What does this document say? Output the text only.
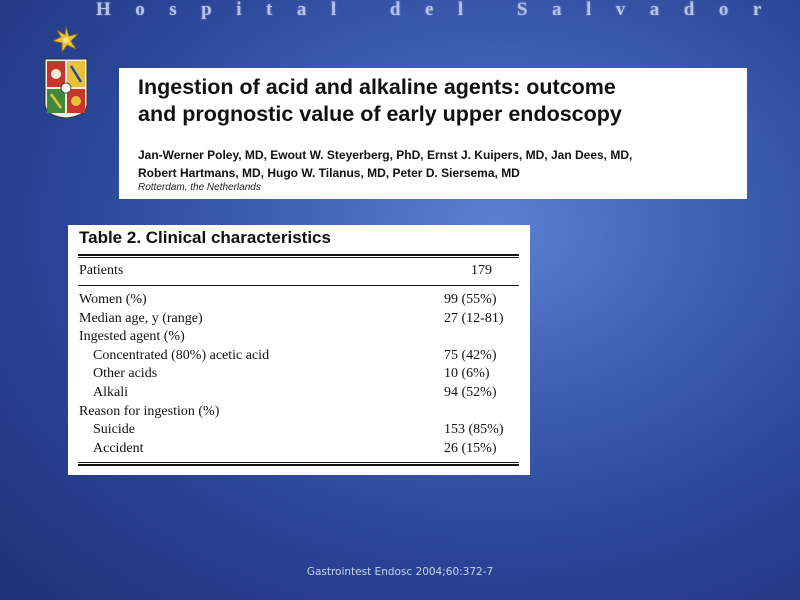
Hospital del Salvador
Ingestion of acid and alkaline agents: outcome
and prognostic value of early upper endoscopy
Jan-Werner Poley, MD, Ewout W. Steyerberg, PhD, Ernst J. Kuipers, MD, Jan Dees, MD,
Robert Hartmans, MD, Hugo W. Tilanus, MD, Peter D. Siersema, MD
Rotterdam, the Netherlands
Table 2. Clinical characteristics
Patients	179
Women (%)	99 (55%)
Median age, y (range)	27 (12-81)
Ingested agent (%)
Concentrated (80%) acetic acid	75 (42%)
Other acids	10 (6%)
Alkali	94 (52%)
Reason for ingestion (%)
Suicide	153 (85%)
Accident	26 (15%)
Gastrointest Endosc 2004;60:372-7
